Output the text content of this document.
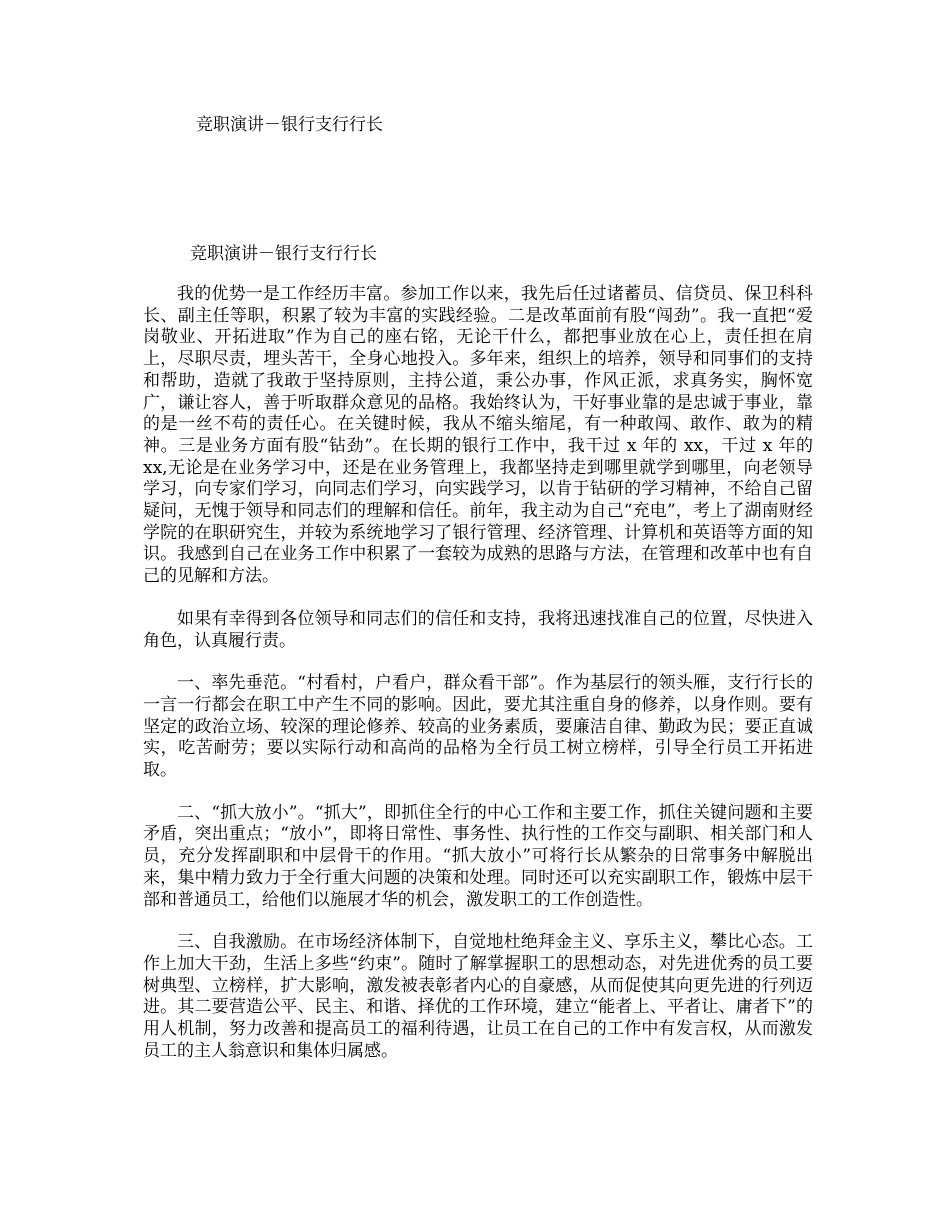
竞职演讲－银行支行行长
竞职演讲－银行支行行长

我的优势一是工作经历丰富。参加工作以来，我先后任过诸蓄员、信贷员、保卫科科长、副主任等职，积累了较为丰富的实践经验。二是改革面前有股“闯劲”。我一直把“爱岗敬业、开拓进取”作为自己的座右铭，无论干什么，都把事业放在心上，责任担在肩上，尽职尽责，埋头苦干，全身心地投入。多年来，组织上的培养，领导和同事们的支持和帮助，造就了我敢于坚持原则，主持公道，秉公办事，作风正派，求真务实，胸怀宽广，谦让容人，善于听取群众意见的品格。我始终认为，干好事业靠的是忠诚于事业，靠的是一丝不苟的责任心。在关键时候，我从不缩头缩尾，有一种敢闯、敢作、敢为的精神。三是业务方面有股“钻劲”。在长期的银行工作中，我干过 x 年的 xx，干过 x 年的 xx,无论是在业务学习中，还是在业务管理上，我都坚持走到哪里就学到哪里，向老领导学习，向专家们学习，向同志们学习，向实践学习，以肯于钻研的学习精神，不给自己留疑问，无愧于领导和同志们的理解和信任。前年，我主动为自己“充电”，考上了湖南财经学院的在职研究生，并较为系统地学习了银行管理、经济管理、计算机和英语等方面的知识。我感到自己在业务工作中积累了一套较为成熟的思路与方法，在管理和改革中也有自己的见解和方法。

如果有幸得到各位领导和同志们的信任和支持，我将迅速找准自己的位置，尽快进入角色，认真履行责。

一、率先垂范。“村看村，户看户，群众看干部”。作为基层行的领头雁，支行行长的一言一行都会在职工中产生不同的影响。因此，要尤其注重自身的修养，以身作则。要有坚定的政治立场、较深的理论修养、较高的业务素质，要廉洁自律、勤政为民；要正直诚实，吃苦耐劳；要以实际行动和高尚的品格为全行员工树立榜样，引导全行员工开拓进取。

二、“抓大放小”。“抓大”，即抓住全行的中心工作和主要工作，抓住关键问题和主要矛盾，突出重点；“放小”，即将日常性、事务性、执行性的工作交与副职、相关部门和人员，充分发挥副职和中层骨干的作用。“抓大放小”可将行长从繁杂的日常事务中解脱出来，集中精力致力于全行重大问题的决策和处理。同时还可以充实副职工作，锻炼中层干部和普通员工，给他们以施展才华的机会，激发职工的工作创造性。

三、自我激励。在市场经济体制下，自觉地杜绝拜金主义、享乐主义，攀比心态。工作上加大干劲，生活上多些“约束”。随时了解掌握职工的思想动态，对先进优秀的员工要树典型、立榜样，扩大影响，激发被表彰者内心的自豪感，从而促使其向更先进的行列迈进。其二要营造公平、民主、和谐、择优的工作环境，建立“能者上、平者让、庸者下”的用人机制，努力改善和提高员工的福利待遇，让员工在自己的工作中有发言权，从而激发员工的主人翁意识和集体归属感。
